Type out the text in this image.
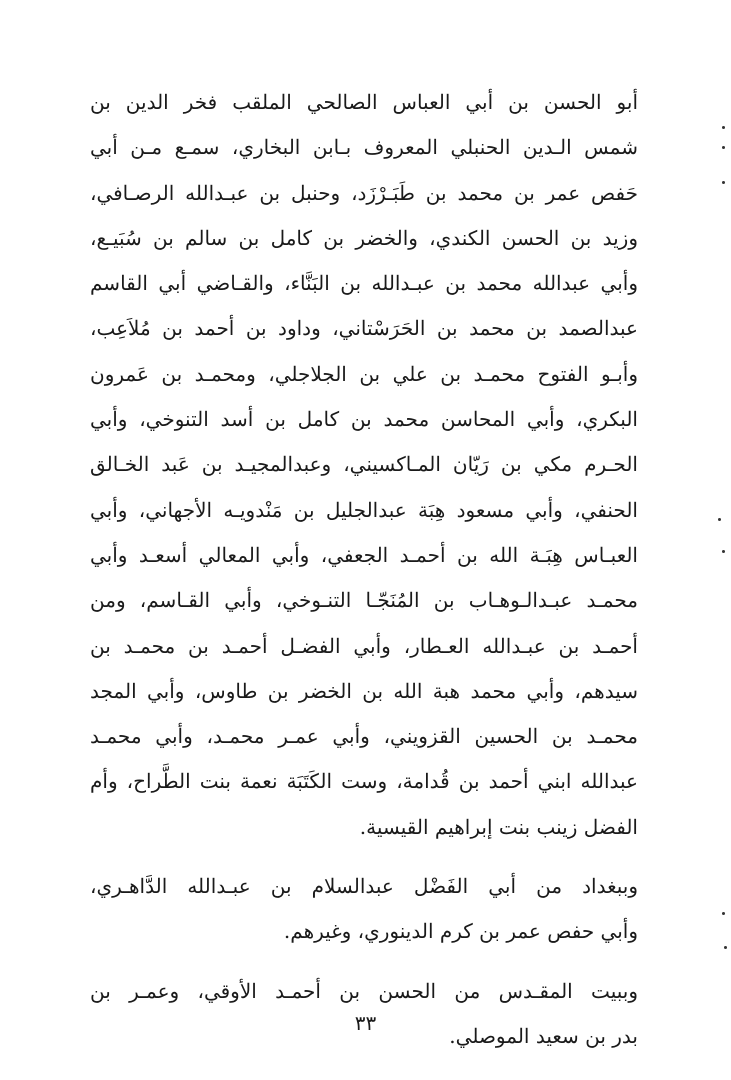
أبو الحسن بن أبي العباس الصالحي الملقب فخر الدين بن
شمس الـدين الحنبلي المعروف بـابن البخاري، سمـع مـن أبي
حَفص عمر بن محمد بن طَبَـرْزَد، وحنبل بن عبـدالله الرصـافي،
وزيد بن الحسن الكندي، والخضر بن كامل بن سالم بن سُبَيـع،
وأبي عبدالله محمد بن عبـدالله بن البَنَّاء، والقـاضي أبي القاسم
عبدالصمد بن محمد بن الحَرَسْتاني، وداود بن أحمد بن مُلاَعِب،
وأبـو الفتوح محمـد بن علي بن الجلاجلي، ومحمـد بن عَمرون
البكري، وأبي المحاسن محمد بن كامل بن أسد التنوخي، وأبي
الحـرم مكي بن رَيّان المـاكسيني، وعبدالمجيـد بن عَبد الخـالق
الحنفي، وأبي مسعود هِبَة عبدالجليل بن مَنْدويـه الأجهاني، وأبي
العبـاس هِبَـة الله بن أحمـد الجعفي، وأبي المعالي أسعـد وأبي
محمـد عبـدالـوهـاب بن المُنَجّـا التنـوخي، وأبي القـاسم، ومن
أحمـد بن عبـدالله العـطار، وأبي الفضـل أحمـد بن محمـد بن
سيدهم، وأبي محمد هبة الله بن الخضر بن طاوس، وأبي المجد
محمـد بن الحسين القزويني، وأبي عمـر محمـد، وأبي محمـد
عبدالله ابني أحمد بن قُدامة، وست الكَتَبَة نعمة بنت الطَّراح، وأم
الفضل زينب بنت إبراهيم القيسية.
وببغداد من أبي الفَضْل عبدالسلام بن عبـدالله الدَّاهـري،
وأبي حفص عمر بن كرم الدينوري، وغيرهم.
وببيت المقـدس من الحسن بن أحمـد الأوقي، وعمـر بن
بدر بن سعيد الموصلي.
٣٣
